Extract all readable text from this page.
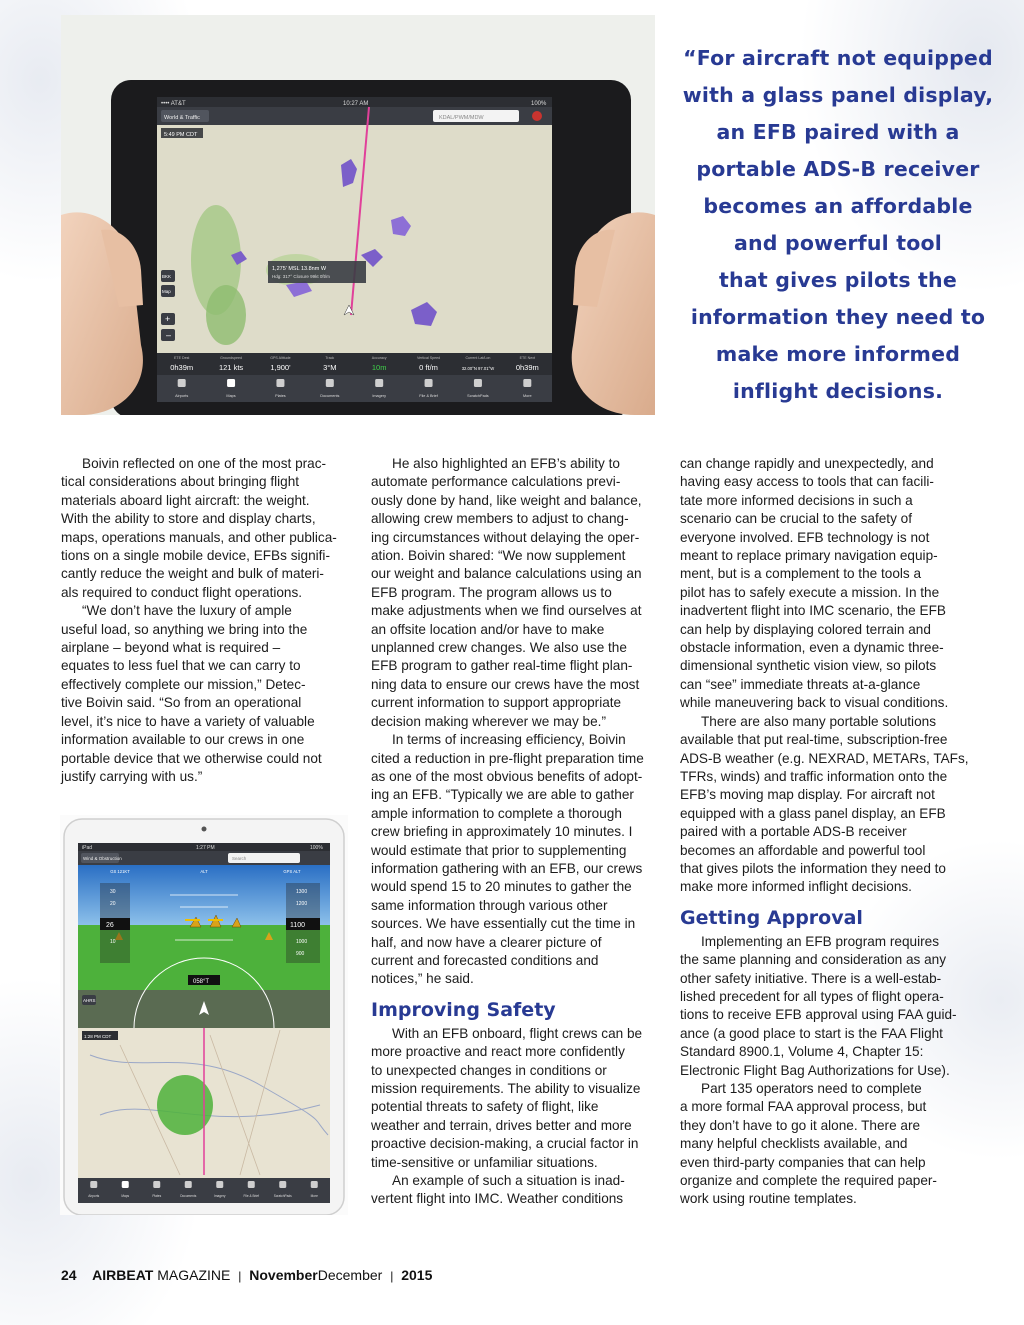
•••• AT&T	10:27 AM	100%
World & Traffic	KDAL/PWM/MDW
5:49 PM CDT
1,275' MSL 13.8nm W
Hdg: 317° Closure 99kt 0ft/m
BKK
Map
+
–
ETE Dest
0h39m
Groundspeed
121 kts
GPS Altitude
1,900'
Track
3°M
Accuracy
10m
Vertical Speed
0 ft/m
Current Lat/Lon
32.00°N 97.01°W
ETE Next
0h39m
Airports	Maps	Plates	Documents	Imagery	File & Brief	ScratchPads	More
iPad	1:27 PM	100%
Wind & Obstruction	Search
26
30
20
10
1100
1300
1200
1000
900
GS 121KT	ALT	GPS ALT
058°T
AHRS
1:28 PM CDT
Airports	Maps	Plates	Documents	Imagery	File & Brief	ScratchPads	More
“For aircraft not equipped
with a glass panel display,
an EFB paired with a
portable ADS-B receiver
becomes an affordable
and powerful tool
that gives pilots the
information they need to
make more informed
inflight decisions.
Boivin reflected on one of the most prac-
tical considerations about bringing flight
materials aboard light aircraft: the weight.
With the ability to store and display charts,
maps, operations manuals, and other publica-
tions on a single mobile device, EFBs signifi-
cantly reduce the weight and bulk of materi-
als required to conduct flight operations.
“We don’t have the luxury of ample
useful load, so anything we bring into the
airplane – beyond what is required –
equates to less fuel that we can carry to
effectively complete our mission,” Detec-
tive Boivin said. “So from an operational
level, it’s nice to have a variety of valuable
information available to our crews in one
portable device that we otherwise could not
justify carrying with us.”
He also highlighted an EFB’s ability to
automate performance calculations previ-
ously done by hand, like weight and balance,
allowing crew members to adjust to chang-
ing circumstances without delaying the oper-
ation. Boivin shared: “We now supplement
our weight and balance calculations using an
EFB program. The program allows us to
make adjustments when we find ourselves at
an offsite location and/or have to make
unplanned crew changes. We also use the
EFB program to gather real-time flight plan-
ning data to ensure our crews have the most
current information to support appropriate
decision making wherever we may be.”
In terms of increasing efficiency, Boivin
cited a reduction in pre-flight preparation time
as one of the most obvious benefits of adopt-
ing an EFB. “Typically we are able to gather
ample information to complete a thorough
crew briefing in approximately 10 minutes. I
would estimate that prior to supplementing
information gathering with an EFB, our crews
would spend 15 to 20 minutes to gather the
same information through various other
sources. We have essentially cut the time in
half, and now have a clearer picture of
current and forecasted conditions and
notices,” he said.
Improving Safety
With an EFB onboard, flight crews can be
more proactive and react more confidently
to unexpected changes in conditions or
mission requirements. The ability to visualize
potential threats to safety of flight, like
weather and terrain, drives better and more
proactive decision-making, a crucial factor in
time-sensitive or unfamiliar situations.
An example of such a situation is inad-
vertent flight into IMC. Weather conditions
can change rapidly and unexpectedly, and
having easy access to tools that can facili-
tate more informed decisions in such a
scenario can be crucial to the safety of
everyone involved. EFB technology is not
meant to replace primary navigation equip-
ment, but is a complement to the tools a
pilot has to safely execute a mission. In the
inadvertent flight into IMC scenario, the EFB
can help by displaying colored terrain and
obstacle information, even a dynamic three-
dimensional synthetic vision view, so pilots
can “see” immediate threats at-a-glance
while maneuvering back to visual conditions.
There are also many portable solutions
available that put real-time, subscription-free
ADS-B weather (e.g. NEXRAD, METARs, TAFs,
TFRs, winds) and traffic information onto the
EFB’s moving map display. For aircraft not
equipped with a glass panel display, an EFB
paired with a portable ADS-B receiver
becomes an affordable and powerful tool
that gives pilots the information they need to
make more informed inflight decisions.
Getting Approval
Implementing an EFB program requires
the same planning and consideration as any
other safety initiative. There is a well-estab-
lished precedent for all types of flight opera-
tions to receive EFB approval using FAA guid-
ance (a good place to start is the FAA Flight
Standard 8900.1, Volume 4, Chapter 15:
Electronic Flight Bag Authorizations for Use).
Part 135 operators need to complete
a more formal FAA approval process, but
they don’t have to go it alone. There are
many helpful checklists available, and
even third-party companies that can help
organize and complete the required paper-
work using routine templates.
24 AIRBEAT MAGAZINE | NovemberDecember | 2015
